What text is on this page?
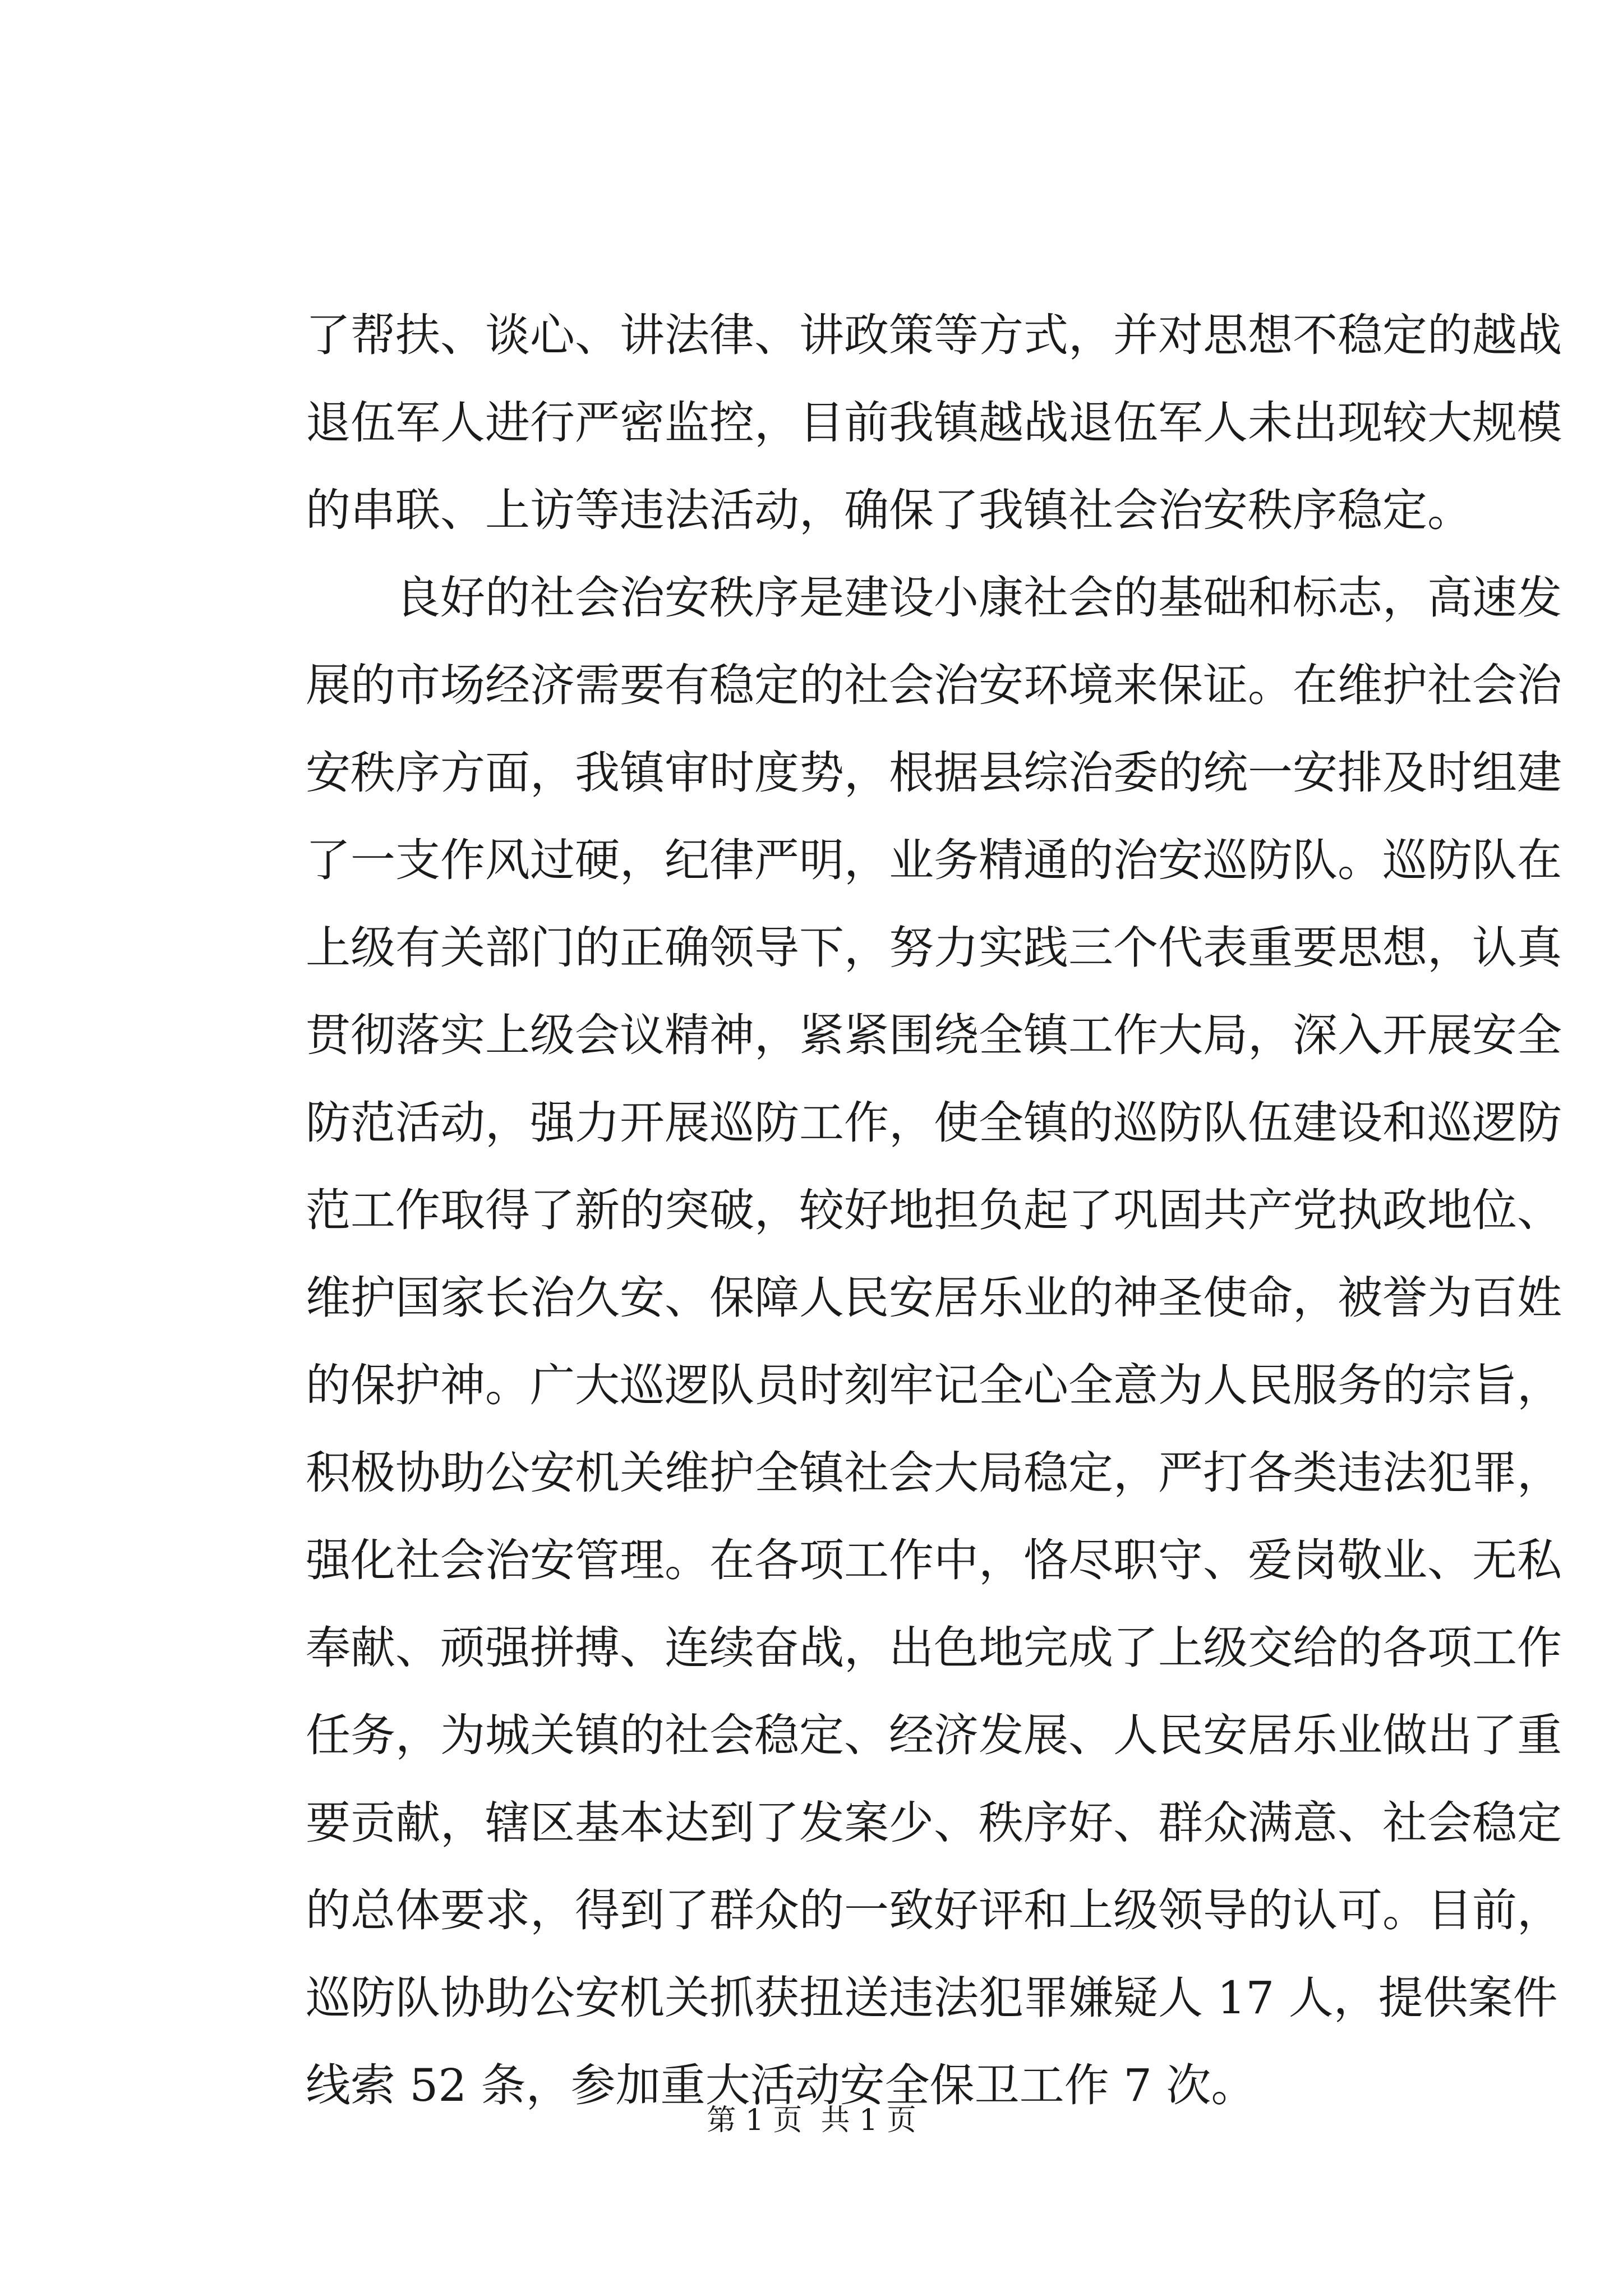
了帮扶、谈心、讲法律、讲政策等方式，并对思想不稳定的越战
退伍军人进行严密监控，目前我镇越战退伍军人未出现较大规模
的串联、上访等违法活动，确保了我镇社会治安秩序稳定。
　　良好的社会治安秩序是建设小康社会的基础和标志，高速发
展的市场经济需要有稳定的社会治安环境来保证。在维护社会治
安秩序方面，我镇审时度势，根据县综治委的统一安排及时组建
了一支作风过硬，纪律严明，业务精通的治安巡防队。巡防队在
上级有关部门的正确领导下，努力实践三个代表重要思想，认真
贯彻落实上级会议精神，紧紧围绕全镇工作大局，深入开展安全
防范活动，强力开展巡防工作，使全镇的巡防队伍建设和巡逻防
范工作取得了新的突破，较好地担负起了巩固共产党执政地位、
维护国家长治久安、保障人民安居乐业的神圣使命，被誉为百姓
的保护神。广大巡逻队员时刻牢记全心全意为人民服务的宗旨，
积极协助公安机关维护全镇社会大局稳定，严打各类违法犯罪，
强化社会治安管理。在各项工作中，恪尽职守、爱岗敬业、无私
奉献、顽强拼搏、连续奋战，出色地完成了上级交给的各项工作
任务，为城关镇的社会稳定、经济发展、人民安居乐业做出了重
要贡献，辖区基本达到了发案少、秩序好、群众满意、社会稳定
的总体要求，得到了群众的一致好评和上级领导的认可。目前，
巡防队协助公安机关抓获扭送违法犯罪嫌疑人 17 人，提供案件
线索 52 条，参加重大活动安全保卫工作 7 次。
第 1 页  共 1 页
